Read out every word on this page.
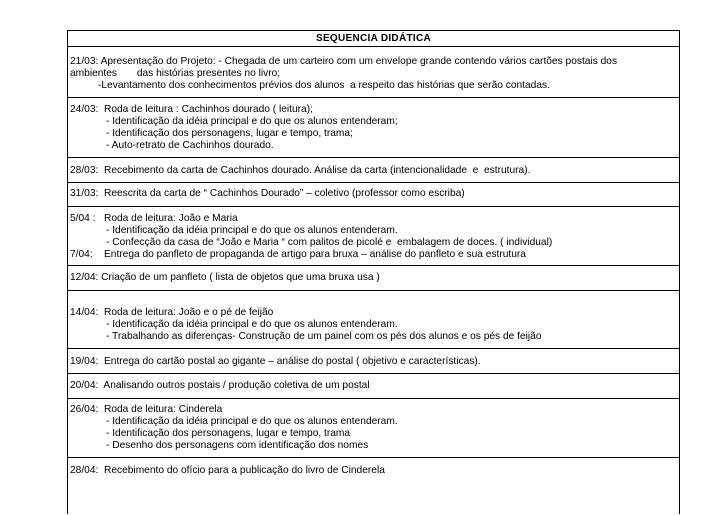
SEQUENCIA DIDÁTICA
21/03: Apresentação do Projeto: - Chegada de um carteiro com um envelope grande contendo vários cartões postais dos
ambientes       das histórias presentes no livro;
-Levantamento dos conhecimentos prévios dos alunos  a respeito das histórias que serão contadas.
24/03:  Roda de leitura : Cachinhos dourado ( leitura);
- Identificação da idéia principal e do que os alunos entenderam;
- Identificação dos personagens, lugar e tempo, trama;
- Auto-retrato de Cachinhos dourado.
28/03:  Recebimento da carta de Cachinhos dourado. Análise da carta (intencionalidade  e  estrutura).
31/03:  Reescrita da carta de “ Cachinhos Dourado” – coletivo (professor como escriba)
5/04 :   Roda de leitura: João e Maria
- Identificação da idéia principal e do que os alunos entenderam.
- Confecção da casa de “João e Maria “ com palitos de picolé e  embalagem de doces. ( individual)
7/04:    Entrega do panfleto de propaganda de artigo para bruxa – análise do panfleto e sua estrutura
12/04: Criação de um panfleto ( lista de objetos que uma bruxa usa )
14/04:  Roda de leitura: João e o pé de feijão
- Identificação da idéia principal e do que os alunos entenderam.
- Trabalhando as diferenças- Construção de um painel com os pés dos alunos e os pés de feijão
19/04:  Entrega do cartão postal ao gigante – análise do postal ( objetivo e características).
20/04:  Analisando outros postais / produção coletiva de um postal
26/04:  Roda de leitura: Cinderela
- Identificação da idéia principal e do que os alunos entenderam.
- Identificação dos personagens, lugar e tempo, trama
- Desenho dos personagens com identificação dos nomes
28/04:  Recebimento do ofício para a publicação do livro de Cinderela
